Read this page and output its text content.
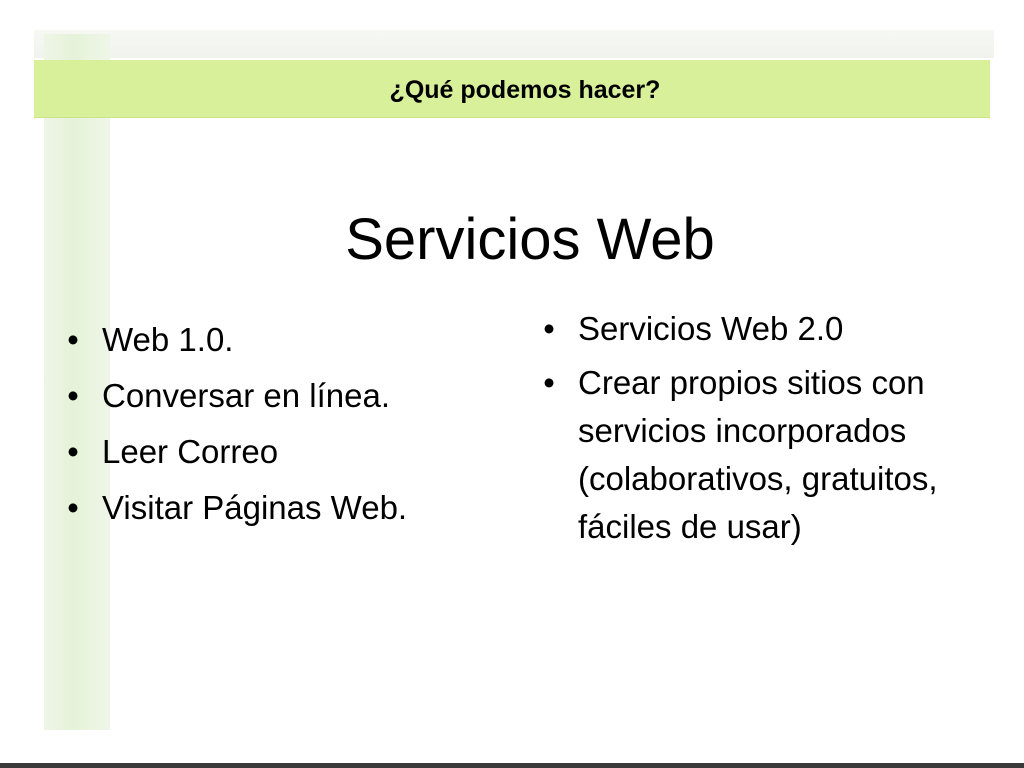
¿Qué podemos hacer?
Servicios Web
• Web 1.0.
• Conversar en línea.
• Leer Correo
• Visitar Páginas Web.
• Servicios Web 2.0
• Crear propios sitios con servicios incorporados (colaborativos, gratuitos, fáciles de usar)
